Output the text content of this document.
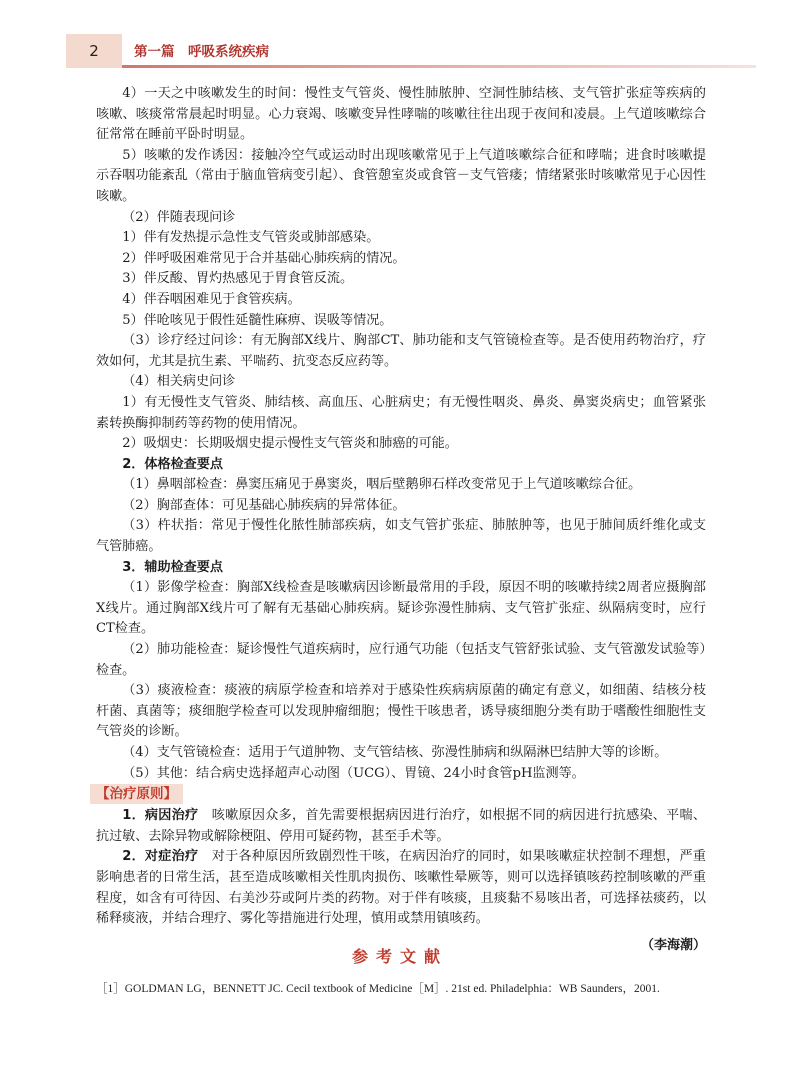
2	第一篇　呼吸系统疾病

4）一天之中咳嗽发生的时间：慢性支气管炎、慢性肺脓肿、空洞性肺结核、支气管扩张症等疾病的咳嗽、咳痰常常晨起时明显。心力衰竭、咳嗽变异性哮喘的咳嗽往往出现于夜间和凌晨。上气道咳嗽综合征常常在睡前平卧时明显。

5）咳嗽的发作诱因：接触冷空气或运动时出现咳嗽常见于上气道咳嗽综合征和哮喘；进食时咳嗽提示吞咽功能紊乱（常由于脑血管病变引起）、食管憩室炎或食管－支气管瘘；情绪紧张时咳嗽常见于心因性咳嗽。

（2）伴随表现问诊

1）伴有发热提示急性支气管炎或肺部感染。

2）伴呼吸困难常见于合并基础心肺疾病的情况。

3）伴反酸、胃灼热感见于胃食管反流。

4）伴吞咽困难见于食管疾病。

5）伴呛咳见于假性延髓性麻痹、误吸等情况。

（3）诊疗经过问诊：有无胸部X线片、胸部CT、肺功能和支气管镜检查等。是否使用药物治疗，疗效如何，尤其是抗生素、平喘药、抗变态反应药等。

（4）相关病史问诊

1）有无慢性支气管炎、肺结核、高血压、心脏病史；有无慢性咽炎、鼻炎、鼻窦炎病史；血管紧张素转换酶抑制药等药物的使用情况。

2）吸烟史：长期吸烟史提示慢性支气管炎和肺癌的可能。

2．体格检查要点

（1）鼻咽部检查：鼻窦压痛见于鼻窦炎，咽后壁鹅卵石样改变常见于上气道咳嗽综合征。

（2）胸部查体：可见基础心肺疾病的异常体征。

（3）杵状指：常见于慢性化脓性肺部疾病，如支气管扩张症、肺脓肿等，也见于肺间质纤维化或支气管肺癌。

3．辅助检查要点

（1）影像学检查：胸部X线检查是咳嗽病因诊断最常用的手段，原因不明的咳嗽持续2周者应摄胸部X线片。通过胸部X线片可了解有无基础心肺疾病。疑诊弥漫性肺病、支气管扩张症、纵隔病变时，应行CT检查。

（2）肺功能检查：疑诊慢性气道疾病时，应行通气功能（包括支气管舒张试验、支气管激发试验等）检查。

（3）痰液检查：痰液的病原学检查和培养对于感染性疾病病原菌的确定有意义，如细菌、结核分枝杆菌、真菌等；痰细胞学检查可以发现肿瘤细胞；慢性干咳患者，诱导痰细胞分类有助于嗜酸性细胞性支气管炎的诊断。

（4）支气管镜检查：适用于气道肿物、支气管结核、弥漫性肺病和纵隔淋巴结肿大等的诊断。

（5）其他：结合病史选择超声心动图（UCG）、胃镜、24小时食管pH监测等。

【治疗原则】

1．病因治疗　咳嗽原因众多，首先需要根据病因进行治疗，如根据不同的病因进行抗感染、平喘、抗过敏、去除异物或解除梗阻、停用可疑药物，甚至手术等。

2．对症治疗　对于各种原因所致剧烈性干咳，在病因治疗的同时，如果咳嗽症状控制不理想，严重影响患者的日常生活，甚至造成咳嗽相关性肌肉损伤、咳嗽性晕厥等，则可以选择镇咳药控制咳嗽的严重程度，如含有可待因、右美沙芬或阿片类的药物。对于伴有咳痰，且痰黏不易咳出者，可选择祛痰药，以稀释痰液，并结合理疗、雾化等措施进行处理，慎用或禁用镇咳药。

（李海潮）
参考文献
［1］GOLDMAN LG，BENNETT JC. Cecil textbook of Medicine［M］. 21st ed. Philadelphia：WB Saunders，2001.
